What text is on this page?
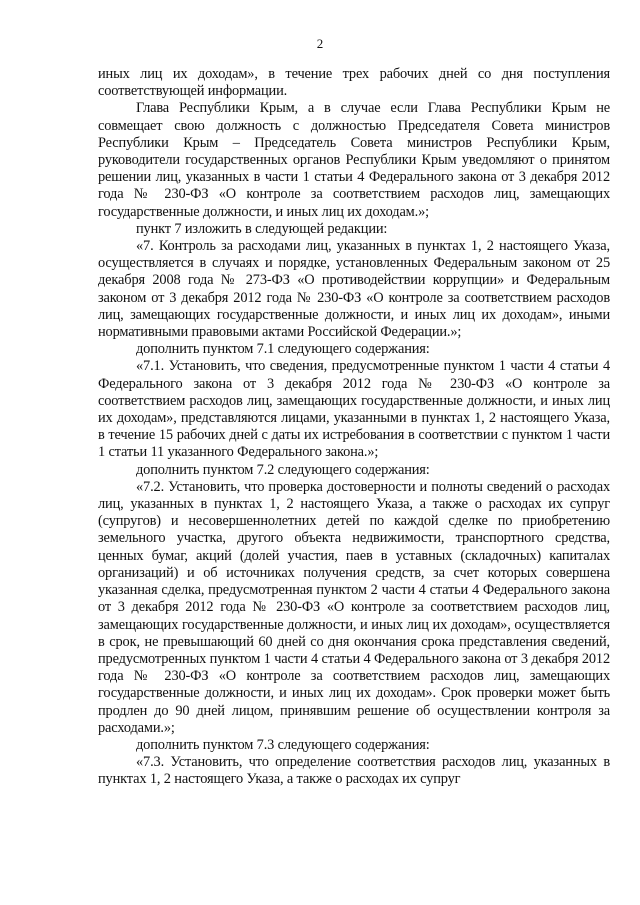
2

иных лиц их доходам», в течение трех рабочих дней со дня поступления соответствующей информации.

Глава Республики Крым, а в случае если Глава Республики Крым не совмещает свою должность с должностью Председателя Совета министров Республики Крым – Председатель Совета министров Республики Крым, руководители государственных органов Республики Крым уведомляют о принятом решении лиц, указанных в части 1 статьи 4 Федерального закона от 3 декабря 2012 года № 230-ФЗ «О контроле за соответствием расходов лиц, замещающих государственные должности, и иных лиц их доходам.»;

пункт 7 изложить в следующей редакции:

«7. Контроль за расходами лиц, указанных в пунктах 1, 2 настоящего Указа, осуществляется в случаях и порядке, установленных Федеральным законом от 25 декабря 2008 года № 273-ФЗ «О противодействии коррупции» и Федеральным законом от 3 декабря 2012 года № 230-ФЗ «О контроле за соответствием расходов лиц, замещающих государственные должности, и иных лиц их доходам», иными нормативными правовыми актами Российской Федерации.»;

дополнить пунктом 7.1 следующего содержания:

«7.1. Установить, что сведения, предусмотренные пунктом 1 части 4 статьи 4 Федерального закона от 3 декабря 2012 года № 230-ФЗ «О контроле за соответствием расходов лиц, замещающих государственные должности, и иных лиц их доходам», представляются лицами, указанными в пунктах 1, 2 настоящего Указа, в течение 15 рабочих дней с даты их истребования в соответствии с пунктом 1 части 1 статьи 11 указанного Федерального закона.»;

дополнить пунктом 7.2 следующего содержания:

«7.2. Установить, что проверка достоверности и полноты сведений о расходах лиц, указанных в пунктах 1, 2 настоящего Указа, а также о расходах их супруг (супругов) и несовершеннолетних детей по каждой сделке по приобретению земельного участка, другого объекта недвижимости, транспортного средства, ценных бумаг, акций (долей участия, паев в уставных (складочных) капиталах организаций) и об источниках получения средств, за счет которых совершена указанная сделка, предусмотренная пунктом 2 части 4 статьи 4 Федерального закона от 3 декабря 2012 года № 230-ФЗ «О контроле за соответствием расходов лиц, замещающих государственные должности, и иных лиц их доходам», осуществляется в срок, не превышающий 60 дней со дня окончания срока представления сведений, предусмотренных пунктом 1 части 4 статьи 4 Федерального закона от 3 декабря 2012 года № 230-ФЗ «О контроле за соответствием расходов лиц, замещающих государственные должности, и иных лиц их доходам». Срок проверки может быть продлен до 90 дней лицом, принявшим решение об осуществлении контроля за расходами.»;

дополнить пунктом 7.3 следующего содержания:

«7.3. Установить, что определение соответствия расходов лиц, указанных в пунктах 1, 2 настоящего Указа, а также о расходах их супруг
